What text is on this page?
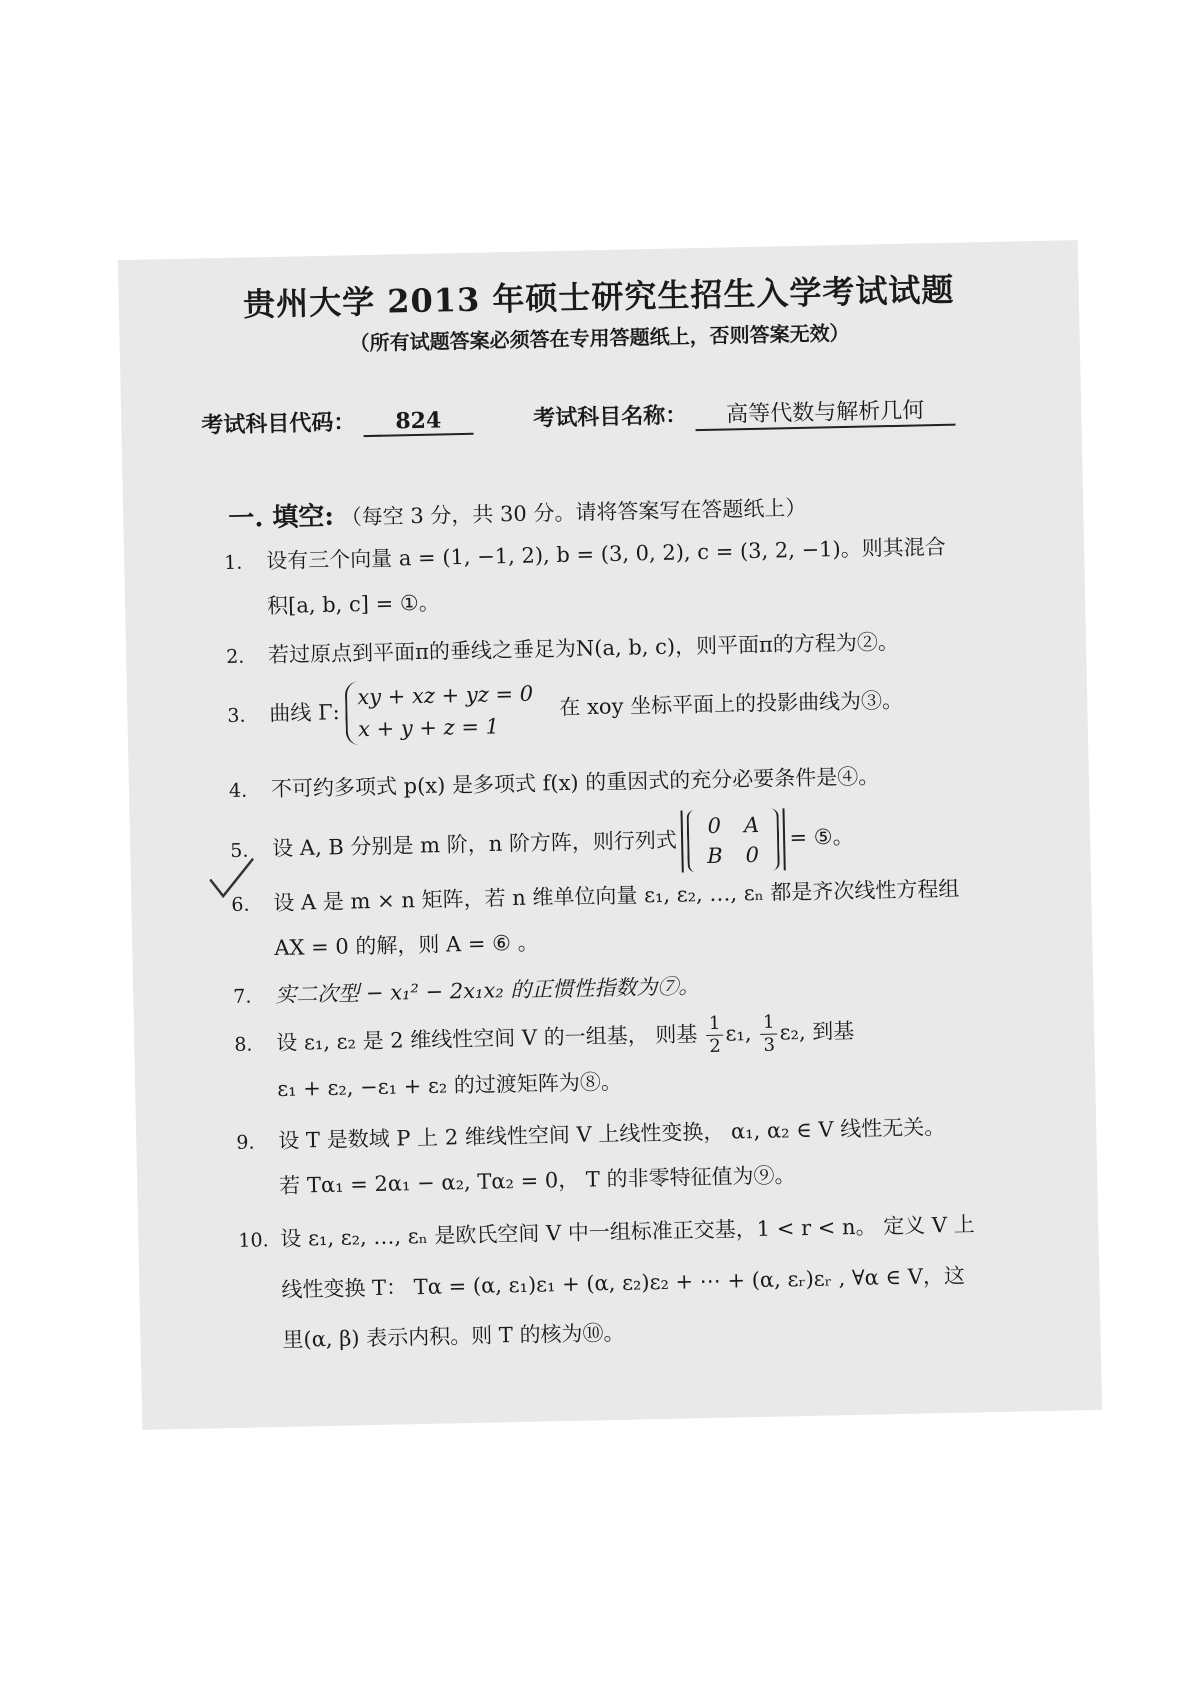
贵州大学 2013 年硕士研究生招生入学考试试题
（所有试题答案必须答在专用答题纸上，否则答案无效）
考试科目代码：	824	考试科目名称：	高等代数与解析几何
一. 填空: （每空 3 分，共 30 分。请将答案写在答题纸上）
1. 设有三个向量 a = (1, −1, 2), b = (3, 0, 2), c = (3, 2, −1)。则其混合
积[a, b, c] = ①。
2. 若过原点到平面π的垂线之垂足为N(a, b, c)，则平面π的方程为②。
3. 曲线 Γ:xy + xz + yz = 0
x + y + z = 1在 xoy 坐标平面上的投影曲线为③。
4. 不可约多项式 p(x) 是多项式 f(x) 的重因式的充分必要条件是④。
5. 设 A, B 分别是 m 阶，n 阶方阵，则行列式
0	A
B	0
= ⑤。
6. 设 A 是 m × n 矩阵，若 n 维单位向量 ε₁, ε₂, …, εₙ 都是齐次线性方程组
AX = 0 的解，则 A = ⑥ 。
7. 实二次型 − x₁² − 2x₁x₂ 的正惯性指数为⑦。
8. 设 ε₁, ε₂ 是 2 维线性空间 V 的一组基， 则基 $\frac{1}{2} \varepsilon_1$, $\frac{1}{3} \varepsilon_2$, 到基
ε₁ + ε₂, −ε₁ + ε₂ 的过渡矩阵为⑧。
9. 设 T 是数域 P 上 2 维线性空间 V 上线性变换， α₁, α₂ ∈ V 线性无关。
若 Tα₁ = 2α₁ − α₂, Tα₂ = 0， T 的非零特征值为⑨。
10. 设 ε₁, ε₂, …, εₙ 是欧氏空间 V 中一组标准正交基，1 < r < n。 定义 V 上
线性变换 T： Tα = (α, ε₁)ε₁ + (α, ε₂)ε₂ + ⋯ + (α, εᵣ)εᵣ , ∀α ∈ V，这
里(α, β) 表示内积。则 T 的核为⑩。
